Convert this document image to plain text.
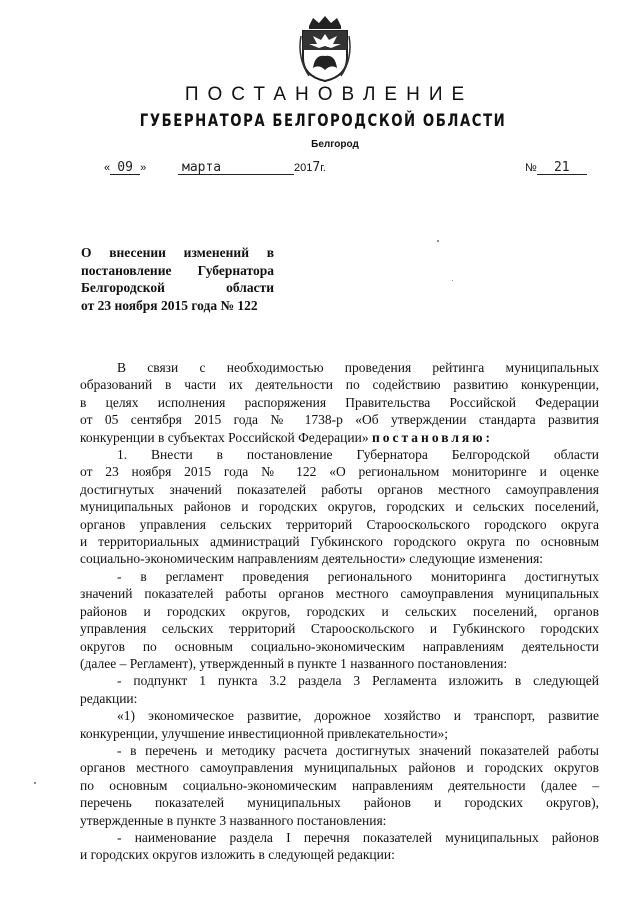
ПОСТАНОВЛЕНИЕ
ГУБЕРНАТОРА БЕЛГОРОДСКОЙ ОБЛАСТИ
Белгород
« 09 »	марта	2017г.	№ 21
О внесении изменений в
постановление Губернатора
Белгородской области
от 23 ноября 2015 года № 122
В связи с необходимостью проведения рейтинга муниципальных
образований в части их деятельности по содействию развитию конкуренции,
в целях исполнения распоряжения Правительства Российской Федерации
от 05 сентября 2015 года № 1738-р «Об утверждении стандарта развития
конкуренции в субъектах Российской Федерации» постановляю:
1. Внести в постановление Губернатора Белгородской области
от 23 ноября 2015 года № 122 «О региональном мониторинге и оценке
достигнутых значений показателей работы органов местного самоуправления
муниципальных районов и городских округов, городских и сельских поселений,
органов управления сельских территорий Старооскольского городского округа
и территориальных администраций Губкинского городского округа по основным
социально-экономическим направлениям деятельности» следующие изменения:
- в регламент проведения регионального мониторинга достигнутых
значений показателей работы органов местного самоуправления муниципальных
районов и городских округов, городских и сельских поселений, органов
управления сельских территорий Старооскольского и Губкинского городских
округов по основным социально-экономическим направлениям деятельности
(далее – Регламент), утвержденный в пункте 1 названного постановления:
- подпункт 1 пункта 3.2 раздела 3 Регламента изложить в следующей
редакции:
«1) экономическое развитие, дорожное хозяйство и транспорт, развитие
конкуренции, улучшение инвестиционной привлекательности»;
- в перечень и методику расчета достигнутых значений показателей работы
органов местного самоуправления муниципальных районов и городских округов
по основным социально-экономическим направлениям деятельности (далее –
перечень показателей муниципальных районов и городских округов),
утвержденные в пункте 3 названного постановления:
- наименование раздела I перечня показателей муниципальных районов
и городских округов изложить в следующей редакции:
